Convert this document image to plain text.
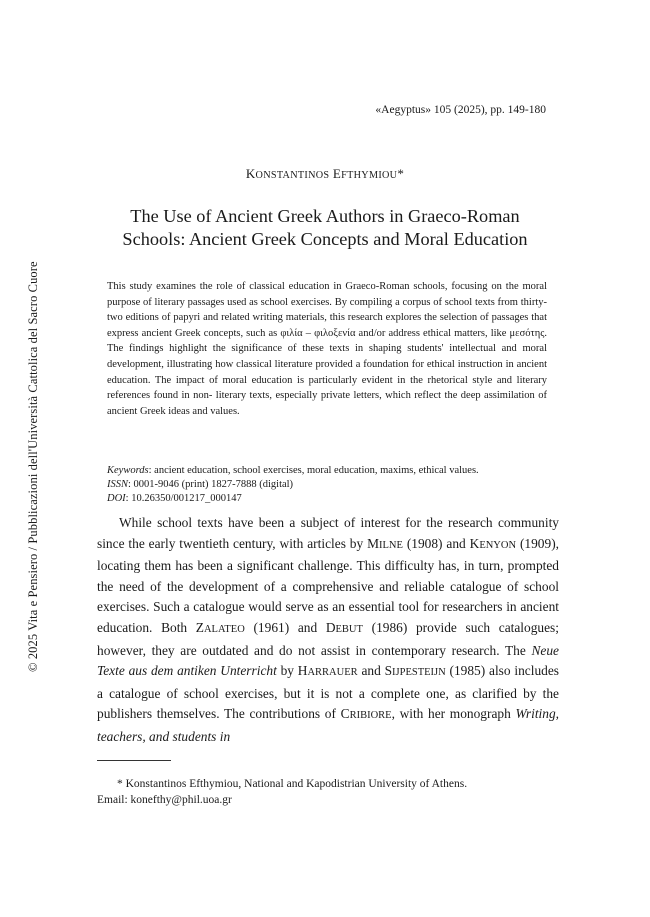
© 2025 Vita e Pensiero / Pubblicazioni dell'Università Cattolica del Sacro Cuore
«Aegyptus» 105 (2025), pp. 149-180
KONSTANTINOS EFTHYMIOU*
The Use of Ancient Greek Authors in Graeco-Roman
Schools: Ancient Greek Concepts and Moral Education

This study examines the role of classical education in Graeco-Roman schools, focusing on the moral purpose of literary passages used as school exercises. By compiling a corpus of school texts from thirty-two editions of papyri and related writing materials, this research explores the selection of passages that express ancient Greek concepts, such as φιλία – φιλοξενία and/or address ethical matters, like μεσότης. The findings highlight the significance of these texts in shaping students' intellectual and moral development, illustrating how classical literature provided a foundation for ethical instruction in ancient education. The impact of moral education is particularly evident in the rhetorical style and literary references found in non- literary texts, especially private letters, which reflect the deep assimilation of ancient Greek ideas and values.

Keywords: ancient education, school exercises, moral education, maxims, ethical values.
ISSN: 0001-9046 (print) 1827-7888 (digital)
DOI: 10.26350/001217_000147

While school texts have been a subject of interest for the research community since the early twentieth century, with articles by MILNE (1908) and KENYON (1909), locating them has been a significant challenge. This difficulty has, in turn, prompted the need of the development of a comprehensive and reliable catalogue of school exercises. Such a catalogue would serve as an essential tool for researchers in ancient education. Both ZALATEO (1961) and DEBUT (1986) provide such catalogues; however, they are outdated and do not assist in contemporary research. The Neue Texte aus dem antiken Unterricht by HARRAUER and SIJPESTEIJN (1985) also includes a catalogue of school exercises, but it is not a complete one, as clarified by the publishers themselves. The contributions of CRIBIORE, with her monograph Writing, teachers, and students in

* Konstantinos Efthymiou, National and Kapodistrian University of Athens.
Email: konefthy@phil.uoa.gr
